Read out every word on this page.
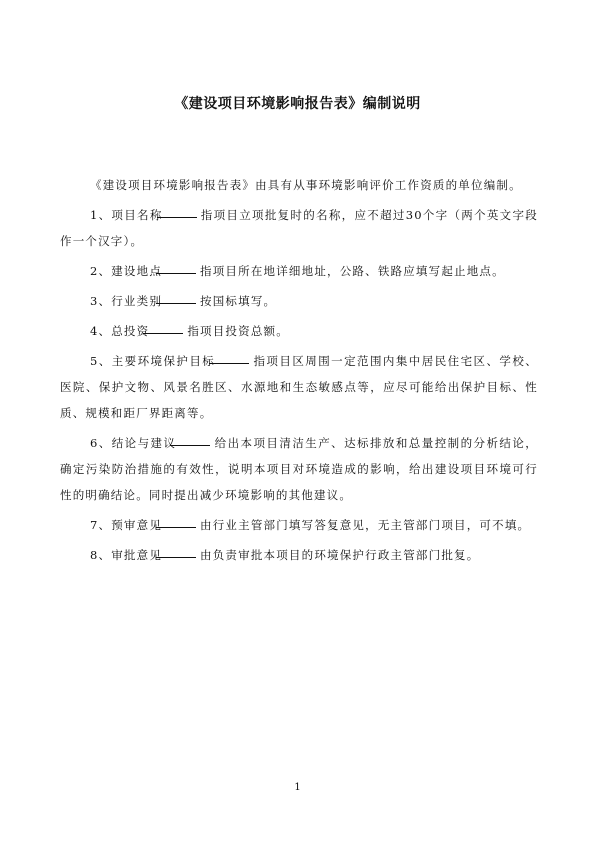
《建设项目环境影响报告表》编制说明

《建设项目环境影响报告表》由具有从事环境影响评价工作资质的单位编制。

1、项目名称	指项目立项批复时的名称，应不超过30个字（两个英文字段作一个汉字）。

2、建设地点	指项目所在地详细地址，公路、铁路应填写起止地点。

3、行业类别	按国标填写。

4、总投资	指项目投资总额。

5、主要环境保护目标	指项目区周围一定范围内集中居民住宅区、学校、医院、保护文物、风景名胜区、水源地和生态敏感点等，应尽可能给出保护目标、性质、规模和距厂界距离等。

6、结论与建议	给出本项目清洁生产、达标排放和总量控制的分析结论，确定污染防治措施的有效性，说明本项目对环境造成的影响，给出建设项目环境可行性的明确结论。同时提出减少环境影响的其他建议。

7、预审意见	由行业主管部门填写答复意见，无主管部门项目，可不填。

8、审批意见	由负责审批本项目的环境保护行政主管部门批复。

1
